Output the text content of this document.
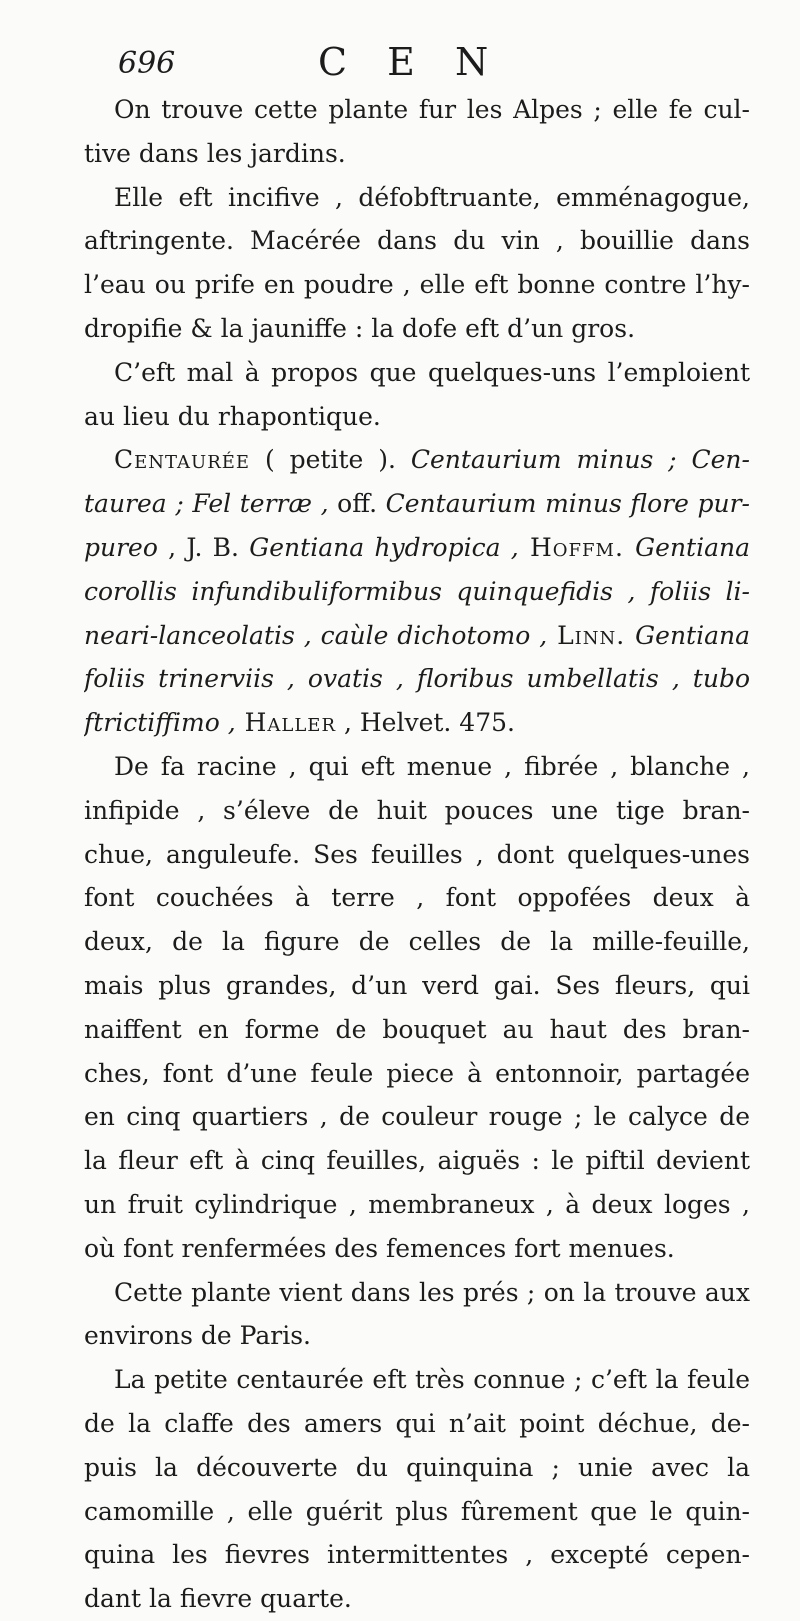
696	C E N
On trouve cette plante fur les Alpes ; elle fe cul-
tive dans les jardins.
Elle eft incifive , défobftruante, emménagogue,
aftringente. Macérée dans du vin , bouillie dans
l’eau ou prife en poudre , elle eft bonne contre l’hy-
dropifie & la jauniffe : la dofe eft d’un gros.
C’eft mal à propos que quelques-uns l’emploient
au lieu du rhapontique.
Centaurée ( petite ). Centaurium minus ; Cen-
taurea ; Fel terræ , off. Centaurium minus flore pur-
pureo , J. B. Gentiana hydropica , Hoffm. Gentiana
corollis infundibuliformibus quinquefidis , foliis li-
neari-lanceolatis , caùle dichotomo , Linn. Gentiana
foliis trinerviis , ovatis , floribus umbellatis , tubo
ftrictiffimo , Haller , Helvet. 475.
De fa racine , qui eft menue , fibrée , blanche ,
infipide , s’éleve de huit pouces une tige bran-
chue, anguleufe. Ses feuilles , dont quelques-unes
font couchées à terre , font oppofées deux à
deux, de la figure de celles de la mille-feuille,
mais plus grandes, d’un verd gai. Ses fleurs, qui
naiffent en forme de bouquet au haut des bran-
ches, font d’une feule piece à entonnoir, partagée
en cinq quartiers , de couleur rouge ; le calyce de
la fleur eft à cinq feuilles, aiguës : le piftil devient
un fruit cylindrique , membraneux , à deux loges ,
où font renfermées des femences fort menues.
Cette plante vient dans les prés ; on la trouve aux
environs de Paris.
La petite centaurée eft très connue ; c’eft la feule
de la claffe des amers qui n’ait point déchue, de-
puis la découverte du quinquina ; unie avec la
camomille , elle guérit plus fûrement que le quin-
quina les fievres intermittentes , excepté cepen-
dant la fievre quarte.
